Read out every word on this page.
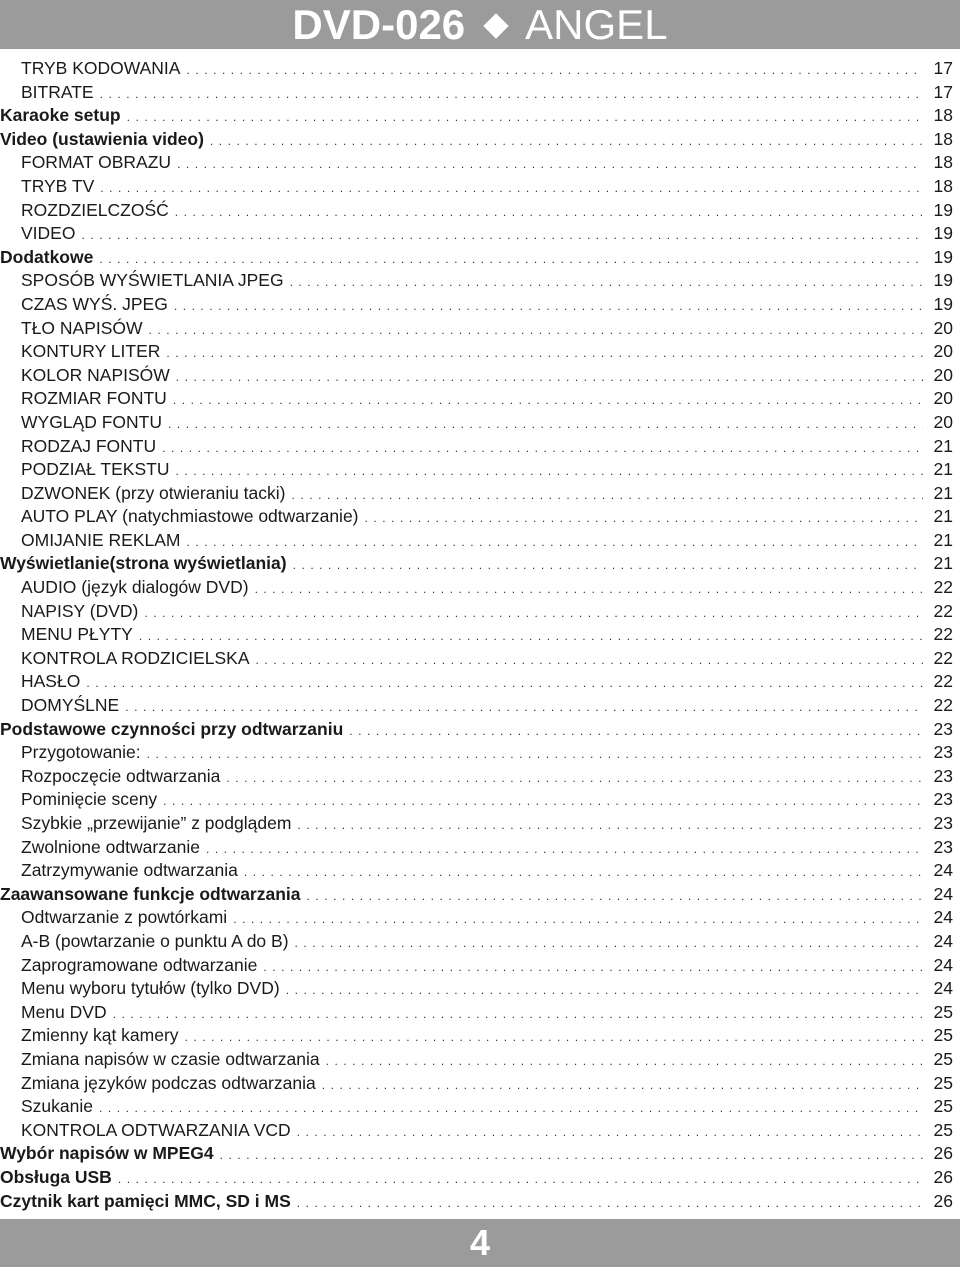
DVD-026 ANGEL
TRYB KODOWANIA . . .	17
BITRATE . . .	17
Karaoke setup . . .	18
Video (ustawienia video) . . .	18
FORMAT OBRAZU . . .	18
TRYB TV . . .	18
ROZDZIELCZOŚĆ . . .	19
VIDEO . . .	19
Dodatkowe . . .	19
SPOSÓB WYŚWIETLANIA JPEG . . .	19
CZAS WYŚ. JPEG . . .	19
TŁO NAPISÓW . . .	20
KONTURY LITER . . .	20
KOLOR NAPISÓW . . .	20
ROZMIAR FONTU . . .	20
WYGLĄD FONTU . . .	20
RODZAJ FONTU . . .	21
PODZIAŁ TEKSTU . . .	21
DZWONEK (przy otwieraniu tacki) . . .	21
AUTO PLAY (natychmiastowe odtwarzanie) . . .	21
OMIJANIE REKLAM . . .	21
Wyświetlanie(strona wyświetlania) . . .	21
AUDIO (język dialogów DVD) . . .	22
NAPISY (DVD) . . .	22
MENU PŁYTY . . .	22
KONTROLA RODZICIELSKA . . .	22
HASŁO . . .	22
DOMYŚLNE . . .	22
Podstawowe czynności przy odtwarzaniu . . .	23
Przygotowanie: . . .	23
Rozpoczęcie odtwarzania . . .	23
Pominięcie sceny . . .	23
Szybkie „przewijanie” z podglądem . . .	23
Zwolnione odtwarzanie . . .	23
Zatrzymywanie odtwarzania . . .	24
Zaawansowane funkcje odtwarzania . . .	24
Odtwarzanie z powtórkami . . .	24
A-B (powtarzanie o punktu A do B) . . .	24
Zaprogramowane odtwarzanie . . .	24
Menu wyboru tytułów (tylko DVD) . . .	24
Menu DVD . . .	25
Zmienny kąt kamery . . .	25
Zmiana napisów w czasie odtwarzania . . .	25
Zmiana języków podczas odtwarzania . . .	25
Szukanie . . .	25
KONTROLA ODTWARZANIA VCD . . .	25
Wybór napisów w MPEG4 . . .	26
Obsługa USB . . .	26
Czytnik kart pamięci MMC, SD i MS . . .	26
4
